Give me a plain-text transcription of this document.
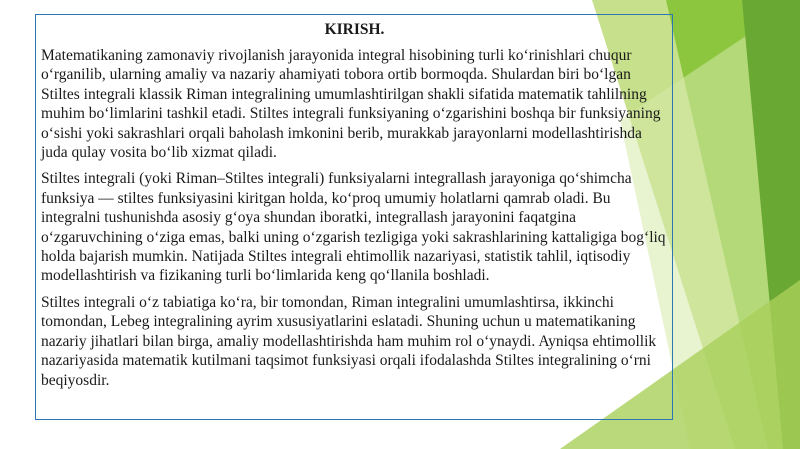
KIRISH.

Matematikaning zamonaviy rivojlanish jarayonida integral hisobining turli koʻrinishlari chuqur oʻrganilib, ularning amaliy va nazariy ahamiyati tobora ortib bormoqda. Shulardan biri boʻlgan Stiltes integrali klassik Riman integralining umumlashtirilgan shakli sifatida matematik tahlilning muhim boʻlimlarini tashkil etadi. Stiltes integrali funksiyaning oʻzgarishini boshqa bir funksiyaning oʻsishi yoki sakrashlari orqali baholash imkonini berib, murakkab jarayonlarni modellashtirishda juda qulay vosita boʻlib xizmat qiladi.

Stiltes integrali (yoki Riman–Stiltes integrali) funksiyalarni integrallash jarayoniga qoʻshimcha funksiya — stiltes funksiyasini kiritgan holda, koʻproq umumiy holatlarni qamrab oladi. Bu integralni tushunishda asosiy gʻoya shundan iboratki, integrallash jarayonini faqatgina oʻzgaruvchining oʻziga emas, balki uning oʻzgarish tezligiga yoki sakrashlarining kattaligiga bogʻliq holda bajarish mumkin. Natijada Stiltes integrali ehtimollik nazariyasi, statistik tahlil, iqtisodiy modellashtirish va fizikaning turli boʻlimlarida keng qoʻllanila boshladi.

Stiltes integrali oʻz tabiatiga koʻra, bir tomondan, Riman integralini umumlashtirsa, ikkinchi tomondan, Lebeg integralining ayrim xususiyatlarini eslatadi. Shuning uchun u matematikaning nazariy jihatlari bilan birga, amaliy modellashtirishda ham muhim rol oʻynaydi. Ayniqsa ehtimollik nazariyasida matematik kutilmani taqsimot funksiyasi orqali ifodalashda Stiltes integralining oʻrni beqiyosdir.
